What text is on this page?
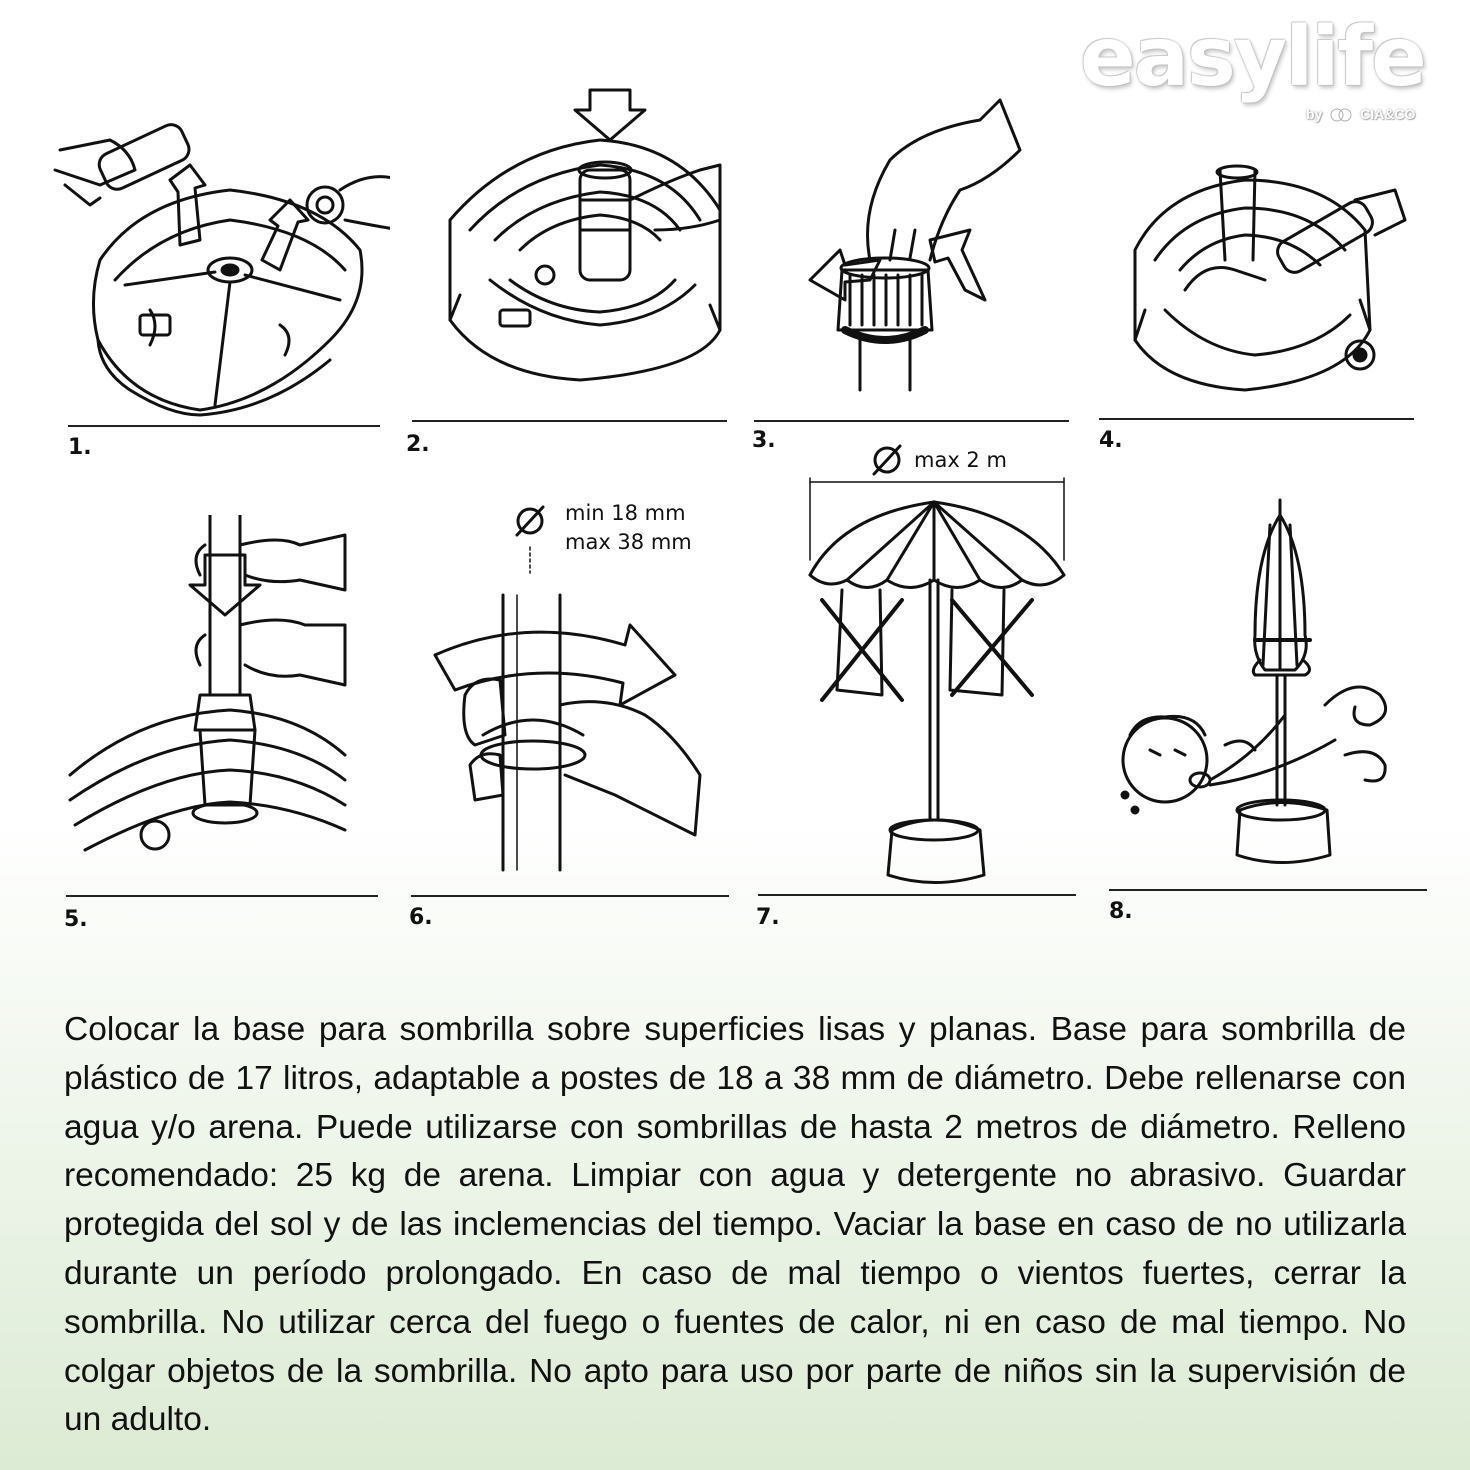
easylife
by	CIA&CO
1.	2.	3.	4.
5.
min 18 mm
max 38 mm
6.
max 2 m
7.	8.

Colocar la base para sombrilla sobre superficies lisas y planas. Base para sombrilla de plástico de 17 litros, adaptable a postes de 18 a 38 mm de diámetro. Debe rellenarse con agua y/o arena. Puede utilizarse con sombrillas de hasta 2 metros de diámetro. Relleno recomendado: 25 kg de arena. Limpiar con agua y detergente no abrasivo. Guardar protegida del sol y de las inclemencias del tiempo. Vaciar la base en caso de no utilizarla durante un período prolongado. En caso de mal tiempo o vientos fuertes, cerrar la sombrilla. No utilizar cerca del fuego o fuentes de calor, ni en caso de mal tiempo. No colgar objetos de la sombrilla. No apto para uso por parte de niños sin la supervisión de un adulto.
